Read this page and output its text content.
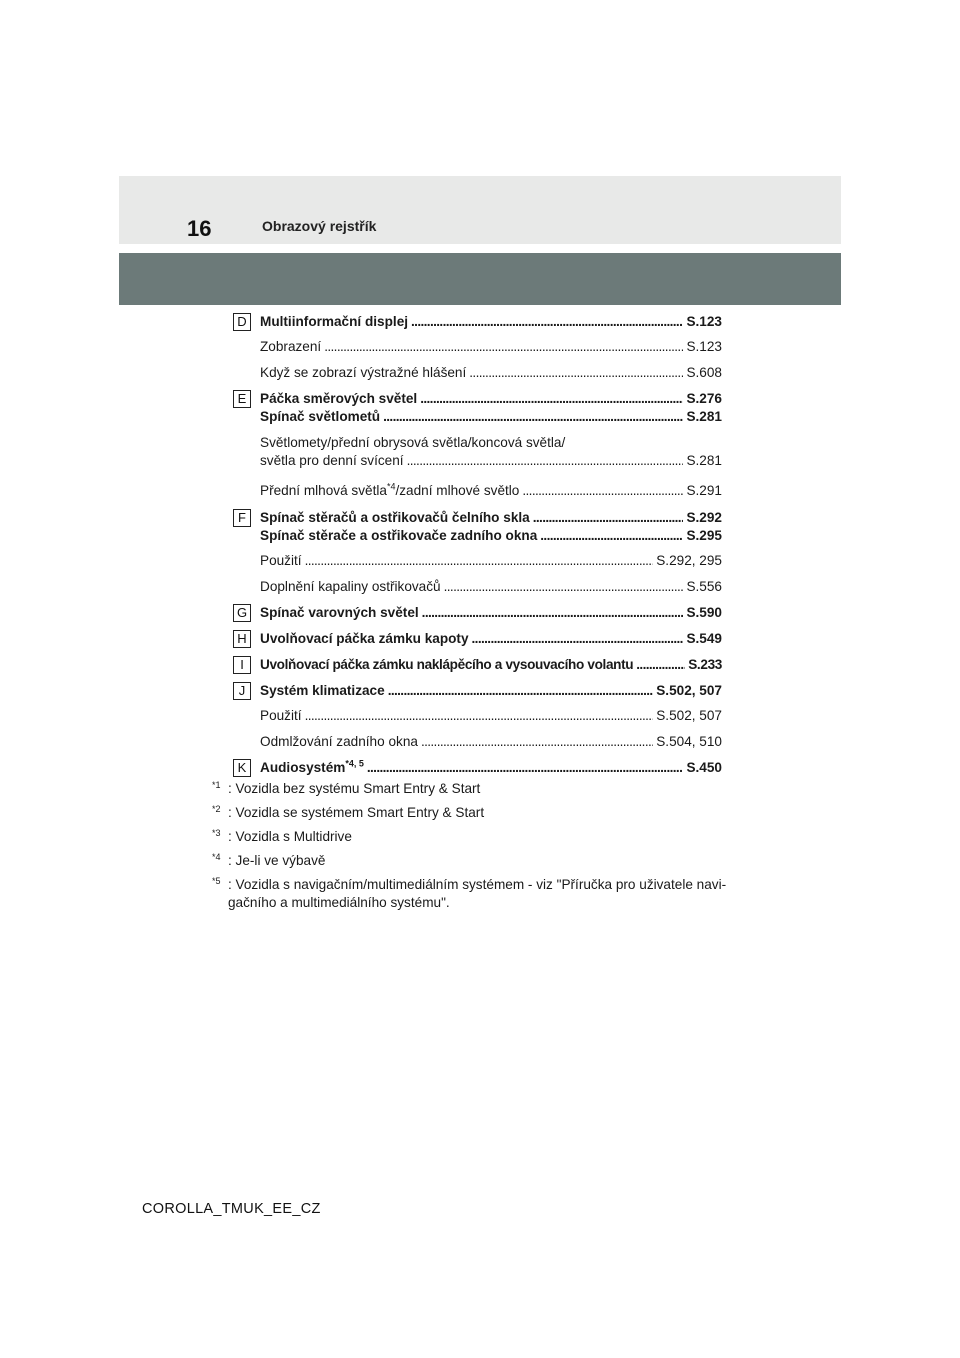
16	Obrazový rejstřík
D Multiinformační displej . . .	S.123
Zobrazení . . .	S.123
Když se zobrazí výstražné hlášení . . .	S.608
E	Páčka směrových světel . . .	S.276
Spínač světlometů . . .	S.281
Světlomety/přední obrysová světla/koncová světla/
světla pro denní svícení . . .	S.281
Přední mlhová světla$^{*4}$/zadní mlhové světlo . . .	S.291
F	Spínač stěračů a ostřikovačů čelního skla . . .	S.292
Spínač stěrače a ostřikovače zadního okna . . .	S.295
Použití . . .	S.292, 295
Doplnění kapaliny ostřikovačů . . .	S.556
G Spínač varovných světel . . .	S.590
H Uvolňovací páčka zámku kapoty . . .	S.549
I	Uvolňovací páčka zámku naklápěcího a vysouvacího volantu . . .	S.233
J	Systém klimatizace . . .	S.502, 507
Použití . . .	S.502, 507
Odmlžování zadního okna . . .	S.504, 510
K	Audiosystém$^{*4, 5}$ . . .	S.450
*1 : Vozidla bez systému Smart Entry & Start
*2 : Vozidla se systémem Smart Entry & Start
*3 : Vozidla s Multidrive
*4 : Je-li ve výbavě
*5 : Vozidla s navigačním/multimediálním systémem - viz "Příručka pro uživatele navi-
gačního a multimediálního systému".
COROLLA_TMUK_EE_CZ
